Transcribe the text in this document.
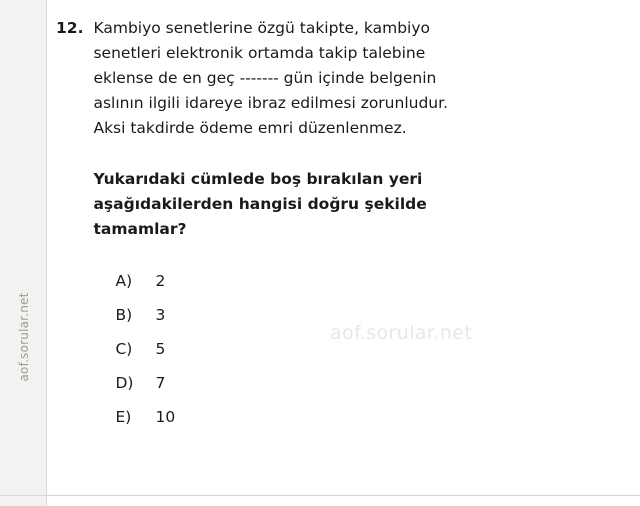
aof.sorular.net
12. Kambiyo senetlerine özgü takipte, kambiyo
senetleri elektronik ortamda takip talebine
eklense de en geç ------- gün içinde belgenin
aslının ilgili idareye ibraz edilmesi zorunludur.
Aksi takdirde ödeme emri düzenlenmez.
Yukarıdaki cümlede boş bırakılan yeri
aşağıdakilerden hangisi doğru şekilde
tamamlar?
A)	2
B)	3
C)	5
D)	7
E)	10
aof.sorular.net
